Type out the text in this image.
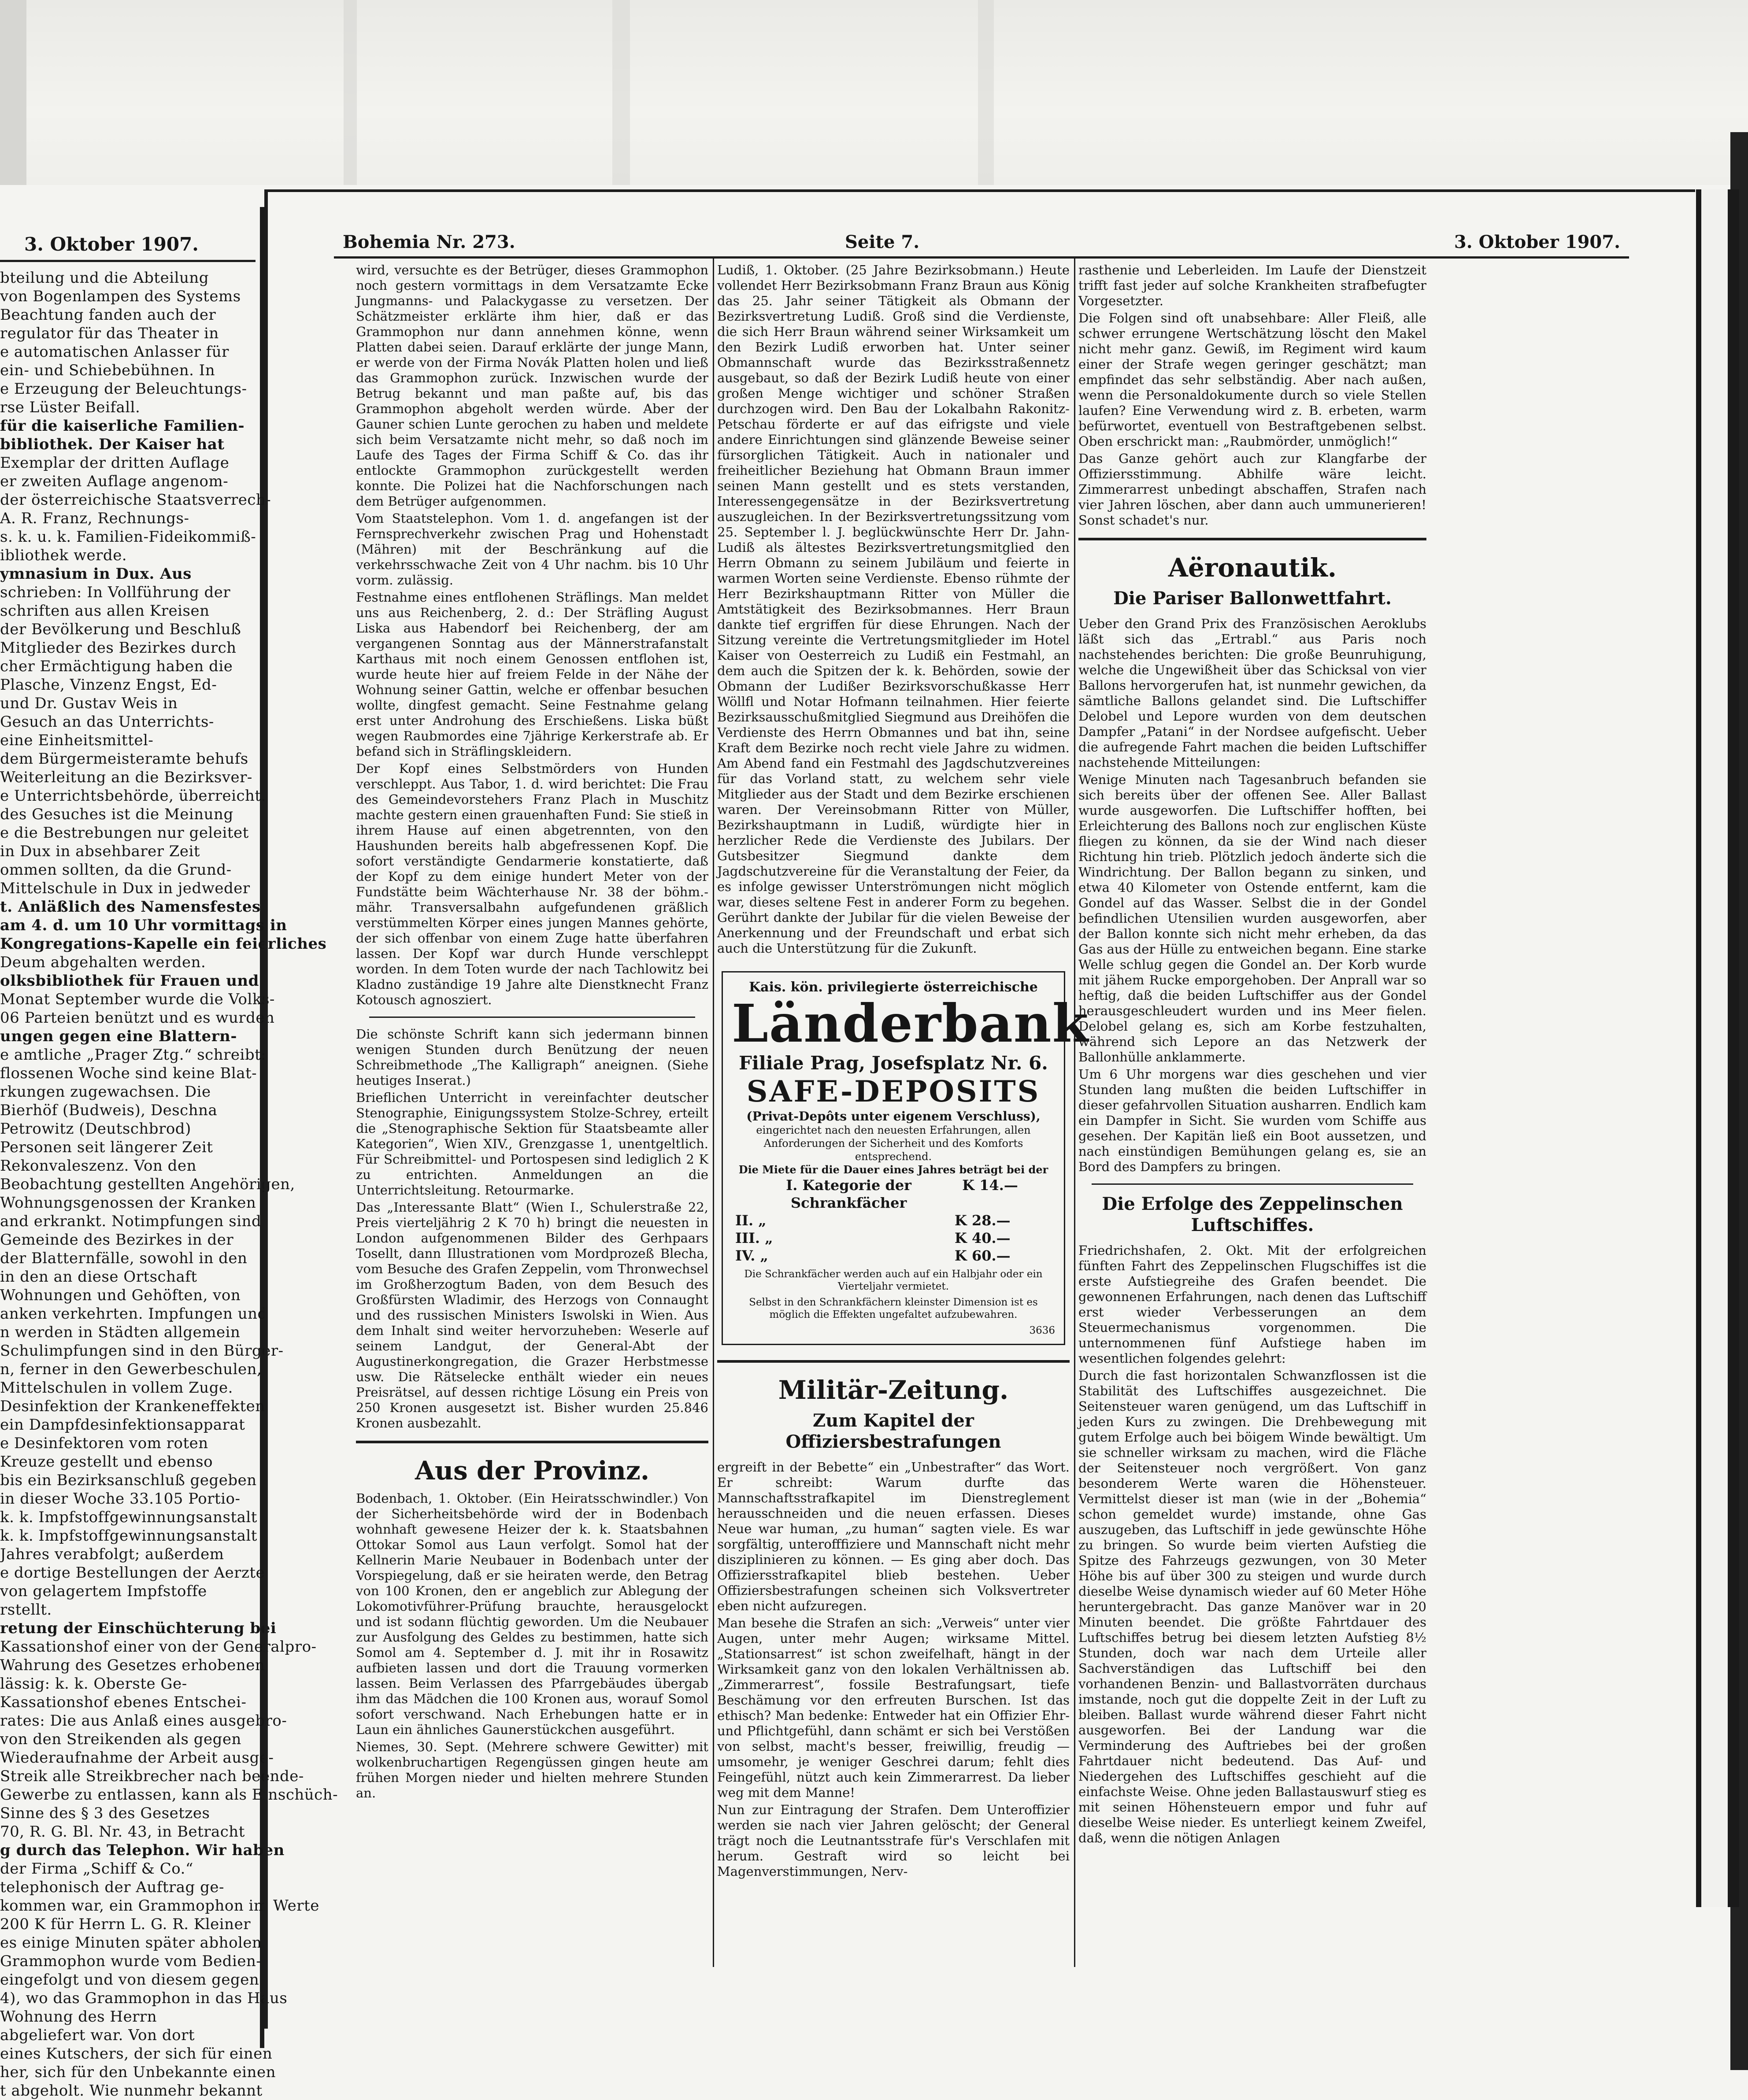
3. Oktober 1907.
bteilung und die Abteilung
von Bogenlampen des Systems
Beachtung fanden auch der
regulator für das Theater in
e automatischen Anlasser für
ein- und Schiebebühnen. In
e Erzeugung der Beleuchtungs-
rse Lüster Beifall.
für die kaiserliche Familien-
bibliothek. Der Kaiser hat
Exemplar der dritten Auflage
er zweiten Auflage angenom-
der österreichische Staatsverrech-
A. R. Franz, Rechnungs-
s. k. u. k. Familien-Fideikommiß-
ibliothek werde.
ymnasium in Dux. Aus
schrieben: In Vollführung der
schriften aus allen Kreisen
der Bevölkerung und Beschluß
Mitglieder des Bezirkes durch
cher Ermächtigung haben die
Plasche, Vinzenz Engst, Ed-
und Dr. Gustav Weis in
Gesuch an das Unterrichts-
eine Einheitsmittel-
dem Bürgermeisteramte behufs
Weiterleitung an die Bezirksver-
e Unterrichtsbehörde, überreicht.
des Gesuches ist die Meinung
e die Bestrebungen nur geleitet
in Dux in absehbarer Zeit
ommen sollten, da die Grund-
Mittelschule in Dux in jedweder
t. Anläßlich des Namensfestes
am 4. d. um 10 Uhr vormittags in
Kongregations-Kapelle ein feierliches
Deum abgehalten werden.
olksbibliothek für Frauen und
Monat September wurde die Volks-
06 Parteien benützt und es wurden
ungen gegen eine Blattern-
e amtliche „Prager Ztg.“ schreibt:
flossenen Woche sind keine Blat-
rkungen zugewachsen. Die
Bierhöf (Budweis), Deschna
Petrowitz (Deutschbrod)
Personen seit längerer Zeit
Rekonvaleszenz. Von den
Beobachtung gestellten Angehörigen,
Wohnungsgenossen der Kranken
and erkrankt. Notimpfungen sind
Gemeinde des Bezirkes in der
der Blatternfälle, sowohl in den
in den an diese Ortschaft
Wohnungen und Gehöften, von
anken verkehrten. Impfungen und
n werden in Städten allgemein
Schulimpfungen sind in den Bürger-
n, ferner in den Gewerbeschulen,
Mittelschulen in vollem Zuge.
Desinfektion der Krankeneffekten
ein Dampfdesinfektionsapparat
e Desinfektoren vom roten
Kreuze gestellt und ebenso
bis ein Bezirksanschluß gegeben
in dieser Woche 33.105 Portio-
k. k. Impfstoffgewinnungsanstalt
k. k. Impfstoffgewinnungsanstalt
Jahres verabfolgt; außerdem
e dortige Bestellungen der Aerzte
von gelagertem Impfstoffe
rstellt.
retung der Einschüchterung bei
Kassationshof einer von der Generalpro-
Wahrung des Gesetzes erhobenen
lässig: k. k. Oberste Ge-
Kassationshof ebenes Entschei-
rates: Die aus Anlaß eines ausgebro-
von den Streikenden als gegen
Wiederaufnahme der Arbeit ausge-
Streik alle Streikbrecher nach beende-
Gewerbe zu entlassen, kann als Einschüch-
Sinne des § 3 des Gesetzes
70, R. G. Bl. Nr. 43, in Betracht
g durch das Telephon. Wir haben
der Firma „Schiff & Co.“
telephonisch der Auftrag ge-
kommen war, ein Grammophon im Werte
200 K für Herrn L. G. R. Kleiner
es einige Minuten später abholen
Grammophon wurde vom Bedien-
eingefolgt und von diesem gegen
4), wo das Grammophon in das Haus
Wohnung des Herrn
abgeliefert war. Von dort
eines Kutschers, der sich für einen
her, sich für den Unbekannte einen
t abgeholt. Wie nunmehr bekannt
Bohemia Nr. 273.	Seite 7.	3. Oktober 1907.

wird, versuchte es der Betrüger, dieses Grammophon noch gestern vormittags in dem Versatzamte Ecke Jungmanns- und Palackygasse zu versetzen. Der Schätzmeister erklärte ihm hier, daß er das Grammophon nur dann annehmen könne, wenn Platten dabei seien. Darauf erklärte der junge Mann, er werde von der Firma Novák Platten holen und ließ das Grammophon zurück. Inzwischen wurde der Betrug bekannt und man paßte auf, bis das Grammophon abgeholt werden würde. Aber der Gauner schien Lunte gerochen zu haben und meldete sich beim Versatzamte nicht mehr, so daß noch im Laufe des Tages der Firma Schiff & Co. das ihr entlockte Grammophon zurückgestellt werden konnte. Die Polizei hat die Nachforschungen nach dem Betrüger aufgenommen.

Vom Staatstelephon. Vom 1. d. angefangen ist der Fernsprechverkehr zwischen Prag und Hohenstadt (Mähren) mit der Beschränkung auf die verkehrsschwache Zeit von 4 Uhr nachm. bis 10 Uhr vorm. zulässig.

Festnahme eines entflohenen Sträflings. Man meldet uns aus Reichenberg, 2. d.: Der Sträfling August Liska aus Habendorf bei Reichenberg, der am vergangenen Sonntag aus der Männerstrafanstalt Karthaus mit noch einem Genossen entflohen ist, wurde heute hier auf freiem Felde in der Nähe der Wohnung seiner Gattin, welche er offenbar besuchen wollte, dingfest gemacht. Seine Festnahme gelang erst unter Androhung des Erschießens. Liska büßt wegen Raubmordes eine 7jährige Kerkerstrafe ab. Er befand sich in Sträflingskleidern.

Der Kopf eines Selbstmörders von Hunden verschleppt. Aus Tabor, 1. d. wird berichtet: Die Frau des Gemeindevorstehers Franz Plach in Muschitz machte gestern einen grauenhaften Fund: Sie stieß in ihrem Hause auf einen abgetrennten, von den Haushunden bereits halb abgefressenen Kopf. Die sofort verständigte Gendarmerie konstatierte, daß der Kopf zu dem einige hundert Meter von der Fundstätte beim Wächterhause Nr. 38 der böhm.-mähr. Transversalbahn aufgefundenen gräßlich verstümmelten Körper eines jungen Mannes gehörte, der sich offenbar von einem Zuge hatte überfahren lassen. Der Kopf war durch Hunde verschleppt worden. In dem Toten wurde der nach Tachlowitz bei Kladno zuständige 19 Jahre alte Dienstknecht Franz Kotousch agnosziert.

Die schönste Schrift kann sich jedermann binnen wenigen Stunden durch Benützung der neuen Schreibmethode „The Kalligraph“ aneignen. (Siehe heutiges Inserat.)

Brieflichen Unterricht in vereinfachter deutscher Stenographie, Einigungssystem Stolze-Schrey, erteilt die „Stenographische Sektion für Staatsbeamte aller Kategorien“, Wien XIV., Grenzgasse 1, unentgeltlich. Für Schreibmittel- und Portospesen sind lediglich 2 K zu entrichten. Anmeldungen an die Unterrichtsleitung. Retourmarke.

Das „Interessante Blatt“ (Wien I., Schulerstraße 22, Preis vierteljährig 2 K 70 h) bringt die neuesten in London aufgenommenen Bilder des Gerhpaars Tosellt, dann Illustrationen vom Mordprozeß Blecha, vom Besuche des Grafen Zeppelin, vom Thronwechsel im Großherzogtum Baden, von dem Besuch des Großfürsten Wladimir, des Herzogs von Connaught und des russischen Ministers Iswolski in Wien. Aus dem Inhalt sind weiter hervorzuheben: Weserle auf seinem Landgut, der General-Abt der Augustinerkongregation, die Grazer Herbstmesse usw. Die Rätselecke enthält wieder ein neues Preisrätsel, auf dessen richtige Lösung ein Preis von 250 Kronen ausgesetzt ist. Bisher wurden 25.846 Kronen ausbezahlt.

Aus der Provinz.

Bodenbach, 1. Oktober. (Ein Heiratsschwindler.) Von der Sicherheitsbehörde wird der in Bodenbach wohnhaft gewesene Heizer der k. k. Staatsbahnen Ottokar Somol aus Laun verfolgt. Somol hat der Kellnerin Marie Neubauer in Bodenbach unter der Vorspiegelung, daß er sie heiraten werde, den Betrag von 100 Kronen, den er angeblich zur Ablegung der Lokomotivführer-Prüfung brauchte, herausgelockt und ist sodann flüchtig geworden. Um die Neubauer zur Ausfolgung des Geldes zu bestimmen, hatte sich Somol am 4. September d. J. mit ihr in Rosawitz aufbieten lassen und dort die Trauung vormerken lassen. Beim Verlassen des Pfarrgebäudes übergab ihm das Mädchen die 100 Kronen aus, worauf Somol sofort verschwand. Nach Erhebungen hatte er in Laun ein ähnliches Gaunerstückchen ausgeführt.

Niemes, 30. Sept. (Mehrere schwere Gewitter) mit wolkenbruchartigen Regengüssen gingen heute am frühen Morgen nieder und hielten mehrere Stunden an.

Ludiß, 1. Oktober. (25 Jahre Bezirksobmann.) Heute vollendet Herr Bezirksobmann Franz Braun aus König das 25. Jahr seiner Tätigkeit als Obmann der Bezirksvertretung Ludiß. Groß sind die Verdienste, die sich Herr Braun während seiner Wirksamkeit um den Bezirk Ludiß erworben hat. Unter seiner Obmannschaft wurde das Bezirksstraßennetz ausgebaut, so daß der Bezirk Ludiß heute von einer großen Menge wichtiger und schöner Straßen durchzogen wird. Den Bau der Lokalbahn Rakonitz-Petschau förderte er auf das eifrigste und viele andere Einrichtungen sind glänzende Beweise seiner fürsorglichen Tätigkeit. Auch in nationaler und freiheitlicher Beziehung hat Obmann Braun immer seinen Mann gestellt und es stets verstanden, Interessengegensätze in der Bezirksvertretung auszugleichen. In der Bezirksvertretungssitzung vom 25. September l. J. beglückwünschte Herr Dr. Jahn-Ludiß als ältestes Bezirksvertretungsmitglied den Herrn Obmann zu seinem Jubiläum und feierte in warmen Worten seine Verdienste. Ebenso rühmte der Herr Bezirkshauptmann Ritter von Müller die Amtstätigkeit des Bezirksobmannes. Herr Braun dankte tief ergriffen für diese Ehrungen. Nach der Sitzung vereinte die Vertretungsmitglieder im Hotel Kaiser von Oesterreich zu Ludiß ein Festmahl, an dem auch die Spitzen der k. k. Behörden, sowie der Obmann der Ludißer Bezirksvorschußkasse Herr Wöllfl und Notar Hofmann teilnahmen. Hier feierte Bezirksausschußmitglied Siegmund aus Dreihöfen die Verdienste des Herrn Obmannes und bat ihn, seine Kraft dem Bezirke noch recht viele Jahre zu widmen. Am Abend fand ein Festmahl des Jagdschutzvereines für das Vorland statt, zu welchem sehr viele Mitglieder aus der Stadt und dem Bezirke erschienen waren. Der Vereinsobmann Ritter von Müller, Bezirkshauptmann in Ludiß, würdigte hier in herzlicher Rede die Verdienste des Jubilars. Der Gutsbesitzer Siegmund dankte dem Jagdschutzvereine für die Veranstaltung der Feier, da es infolge gewisser Unterströmungen nicht möglich war, dieses seltene Fest in anderer Form zu begehen. Gerührt dankte der Jubilar für die vielen Beweise der Anerkennung und der Freundschaft und erbat sich auch die Unterstützung für die Zukunft.

Kais. kön. privilegierte österreichische
Länderbank
Filiale Prag, Josefsplatz Nr. 6.
SAFE-DEPOSITS
(Privat-Depôts unter eigenem Verschluss),
eingerichtet nach den neuesten Erfahrungen, allen Anforderungen der Sicherheit und des Komforts entsprechend.
Die Miete für die Dauer eines Jahres beträgt bei der
I. Kategorie der Schrankfächer
K 14.—
II. „	K 28.—
III. „	K 40.—
IV. „	K 60.—
Die Schrankfächer werden auch auf ein Halbjahr oder ein Vierteljahr vermietet.
Selbst in den Schrankfächern kleinster Dimension ist es möglich die Effekten ungefaltet aufzubewahren.
3636
Militär-Zeitung.
Zum Kapitel der Offiziersbestrafungen

ergreift in der Bebette“ ein „Unbestrafter“ das Wort. Er schreibt: Warum durfte das Mannschaftsstrafkapitel im Dienstreglement herausschneiden und die neuen erfassen. Dieses Neue war human, „zu human“ sagten viele. Es war sorgfältig, unterofffiziere und Mannschaft nicht mehr disziplinieren zu können. — Es ging aber doch. Das Offiziersstrafkapitel blieb bestehen. Ueber Offiziersbestrafungen scheinen sich Volksvertreter eben nicht aufzuregen.

Man besehe die Strafen an sich: „Verweis“ unter vier Augen, unter mehr Augen; wirksame Mittel. „Stationsarrest“ ist schon zweifelhaft, hängt in der Wirksamkeit ganz von den lokalen Verhältnissen ab. „Zimmerarrest“, fossile Bestrafungsart, tiefe Beschämung vor den erfreuten Burschen. Ist das ethisch? Man bedenke: Entweder hat ein Offizier Ehr- und Pflichtgefühl, dann schämt er sich bei Verstößen von selbst, macht's besser, freiwillig, freudig — umsomehr, je weniger Geschrei darum; fehlt dies Feingefühl, nützt auch kein Zimmerarrest. Da lieber weg mit dem Manne!

Nun zur Eintragung der Strafen. Dem Unteroffizier werden sie nach vier Jahren gelöscht; der General trägt noch die Leutnantsstrafe für's Verschlafen mit herum. Gestraft wird so leicht bei Magenverstimmungen, Nerv-

rasthenie und Leberleiden. Im Laufe der Dienstzeit trifft fast jeder auf solche Krankheiten strafbefugter Vorgesetzter.

Die Folgen sind oft unabsehbare: Aller Fleiß, alle schwer errungene Wertschätzung löscht den Makel nicht mehr ganz. Gewiß, im Regiment wird kaum einer der Strafe wegen geringer geschätzt; man empfindet das sehr selbständig. Aber nach außen, wenn die Personaldokumente durch so viele Stellen laufen? Eine Verwendung wird z. B. erbeten, warm befürwortet, eventuell von Bestraftgebenen selbst. Oben erschrickt man: „Raubmörder, unmöglich!“

Das Ganze gehört auch zur Klangfarbe der Offiziersstimmung. Abhilfe wäre leicht. Zimmerarrest unbedingt abschaffen, Strafen nach vier Jahren löschen, aber dann auch ummunerieren! Sonst schadet's nur.

Aëronautik.
Die Pariser Ballonwettfahrt.

Ueber den Grand Prix des Französischen Aeroklubs läßt sich das „Ertrabl.“ aus Paris noch nachstehendes berichten: Die große Beunruhigung, welche die Ungewißheit über das Schicksal von vier Ballons hervorgerufen hat, ist nunmehr gewichen, da sämtliche Ballons gelandet sind. Die Luftschiffer Delobel und Lepore wurden von dem deutschen Dampfer „Patani“ in der Nordsee aufgefischt. Ueber die aufregende Fahrt machen die beiden Luftschiffer nachstehende Mitteilungen:

Wenige Minuten nach Tagesanbruch befanden sie sich bereits über der offenen See. Aller Ballast wurde ausgeworfen. Die Luftschiffer hofften, bei Erleichterung des Ballons noch zur englischen Küste fliegen zu können, da sie der Wind nach dieser Richtung hin trieb. Plötzlich jedoch änderte sich die Windrichtung. Der Ballon begann zu sinken, und etwa 40 Kilometer von Ostende entfernt, kam die Gondel auf das Wasser. Selbst die in der Gondel befindlichen Utensilien wurden ausgeworfen, aber der Ballon konnte sich nicht mehr erheben, da das Gas aus der Hülle zu entweichen begann. Eine starke Welle schlug gegen die Gondel an. Der Korb wurde mit jähem Rucke emporgehoben. Der Anprall war so heftig, daß die beiden Luftschiffer aus der Gondel herausgeschleudert wurden und ins Meer fielen. Delobel gelang es, sich am Korbe festzuhalten, während sich Lepore an das Netzwerk der Ballonhülle anklammerte.

Um 6 Uhr morgens war dies geschehen und vier Stunden lang mußten die beiden Luftschiffer in dieser gefahrvollen Situation ausharren. Endlich kam ein Dampfer in Sicht. Sie wurden vom Schiffe aus gesehen. Der Kapitän ließ ein Boot aussetzen, und nach einstündigen Bemühungen gelang es, sie an Bord des Dampfers zu bringen.

Die Erfolge des Zeppelinschen Luftschiffes.

Friedrichshafen, 2. Okt. Mit der erfolgreichen fünften Fahrt des Zeppelinschen Flugschiffes ist die erste Aufstiegreihe des Grafen beendet. Die gewonnenen Erfahrungen, nach denen das Luftschiff erst wieder Verbesserungen an dem Steuermechanismus vorgenommen. Die unternommenen fünf Aufstiege haben im wesentlichen folgendes gelehrt:

Durch die fast horizontalen Schwanzflossen ist die Stabilität des Luftschiffes ausgezeichnet. Die Seitensteuer waren genügend, um das Luftschiff in jeden Kurs zu zwingen. Die Drehbewegung mit gutem Erfolge auch bei böigem Winde bewältigt. Um sie schneller wirksam zu machen, wird die Fläche der Seitensteuer noch vergrößert. Von ganz besonderem Werte waren die Höhensteuer. Vermittelst dieser ist man (wie in der „Bohemia“ schon gemeldet wurde) imstande, ohne Gas auszugeben, das Luftschiff in jede gewünschte Höhe zu bringen. So wurde beim vierten Aufstieg die Spitze des Fahrzeugs gezwungen, von 30 Meter Höhe bis auf über 300 zu steigen und wurde durch dieselbe Weise dynamisch wieder auf 60 Meter Höhe heruntergebracht. Das ganze Manöver war in 20 Minuten beendet. Die größte Fahrtdauer des Luftschiffes betrug bei diesem letzten Aufstieg 8½ Stunden, doch war nach dem Urteile aller Sachverständigen das Luftschiff bei den vorhandenen Benzin- und Ballastvorräten durchaus imstande, noch gut die doppelte Zeit in der Luft zu bleiben. Ballast wurde während dieser Fahrt nicht ausgeworfen. Bei der Landung war die Verminderung des Auftriebes bei der großen Fahrtdauer nicht bedeutend. Das Auf- und Niedergehen des Luftschiffes geschieht auf die einfachste Weise. Ohne jeden Ballastauswurf stieg es mit seinen Höhensteuern empor und fuhr auf dieselbe Weise nieder. Es unterliegt keinem Zweifel, daß, wenn die nötigen Anlagen
